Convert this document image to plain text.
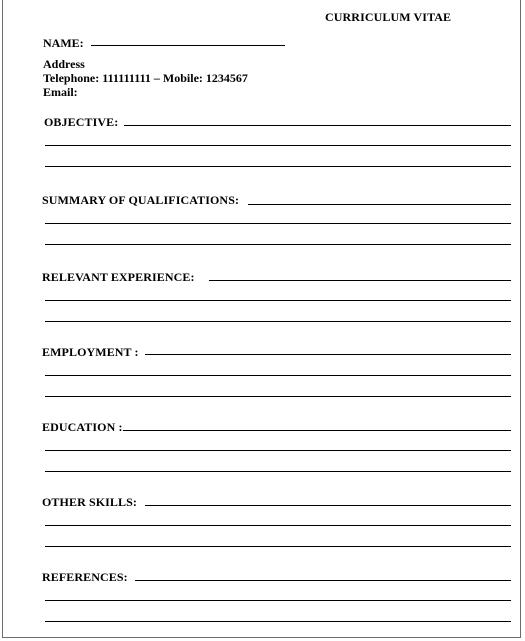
CURRICULUM VITAE
NAME:
Address
Telephone: 111111111 – Mobile: 1234567
Email:
OBJECTIVE:
SUMMARY OF QUALIFICATIONS:
RELEVANT EXPERIENCE:
EMPLOYMENT :
EDUCATION :
OTHER SKILLS:
REFERENCES:
